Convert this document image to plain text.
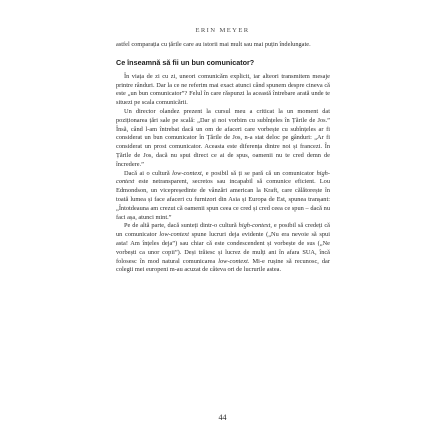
ERIN MEYER

astfel comparația cu țările care au istorii mai mult sau mai puțin îndelungate.

Ce înseamnă să fii un bun comunicator?

În viața de zi cu zi, uneori comunicăm explicit, iar alteori transmitem mesaje printre rânduri. Dar la ce ne referim mai exact atunci când spunem despre cineva că este „un bun comunicator”? Felul în care răspunzi la această întrebare arată unde te situezi pe scala comunicării.

Un director olandez prezent la cursul meu a criticat la un moment dat poziționarea țări sale pe scală: „Dar și noi vorbim cu subînțeles în Țările de Jos.” Însă, când l-am întrebat dacă un om de afaceri care vorbește cu subînțeles ar fi considerat un bun comunicator în Țările de Jos, n-a stat deloc pe gânduri: „Ar fi considerat un prost comunicator. Aceasta este diferența dintre noi și francezi. În Țările de Jos, dacă nu spui direct ce ai de spus, oamenii nu te cred demn de încredere.”

Dacă ai o cultură low-context, e posibil să ți se pară că un comunicator high-context este netransparent, secretos sau incapabil să comunice eficient. Lou Edmondson, un vicepreședinte de vânzări american la Kraft, care călătorește în toată lumea și face afaceri cu furnizori din Asia și Europa de Est, spunea tranșant: „Întotdeauna am crezut că oamenii spun ceea ce cred și cred ceea ce spun – dacă nu faci așa, atunci mint.”

Pe de altă parte, dacă sunteți dintr-o cultură high-context, e posibil să credeți că un comunicator low-context spune lucruri deja evidente („Nu era nevoie să spui asta! Am înțeles deja”) sau chiar că este condescendent și vorbește de sus („Ne vorbești ca unor copii”). Deși trăiesc și lucrez de mulți ani în afara SUA, încă folosesc în mod natural comunicarea low-context. Mi-e rușine să recunosc, dar colegii mei europeni m-au acuzat de câteva ori de lucrurile astea.

44
